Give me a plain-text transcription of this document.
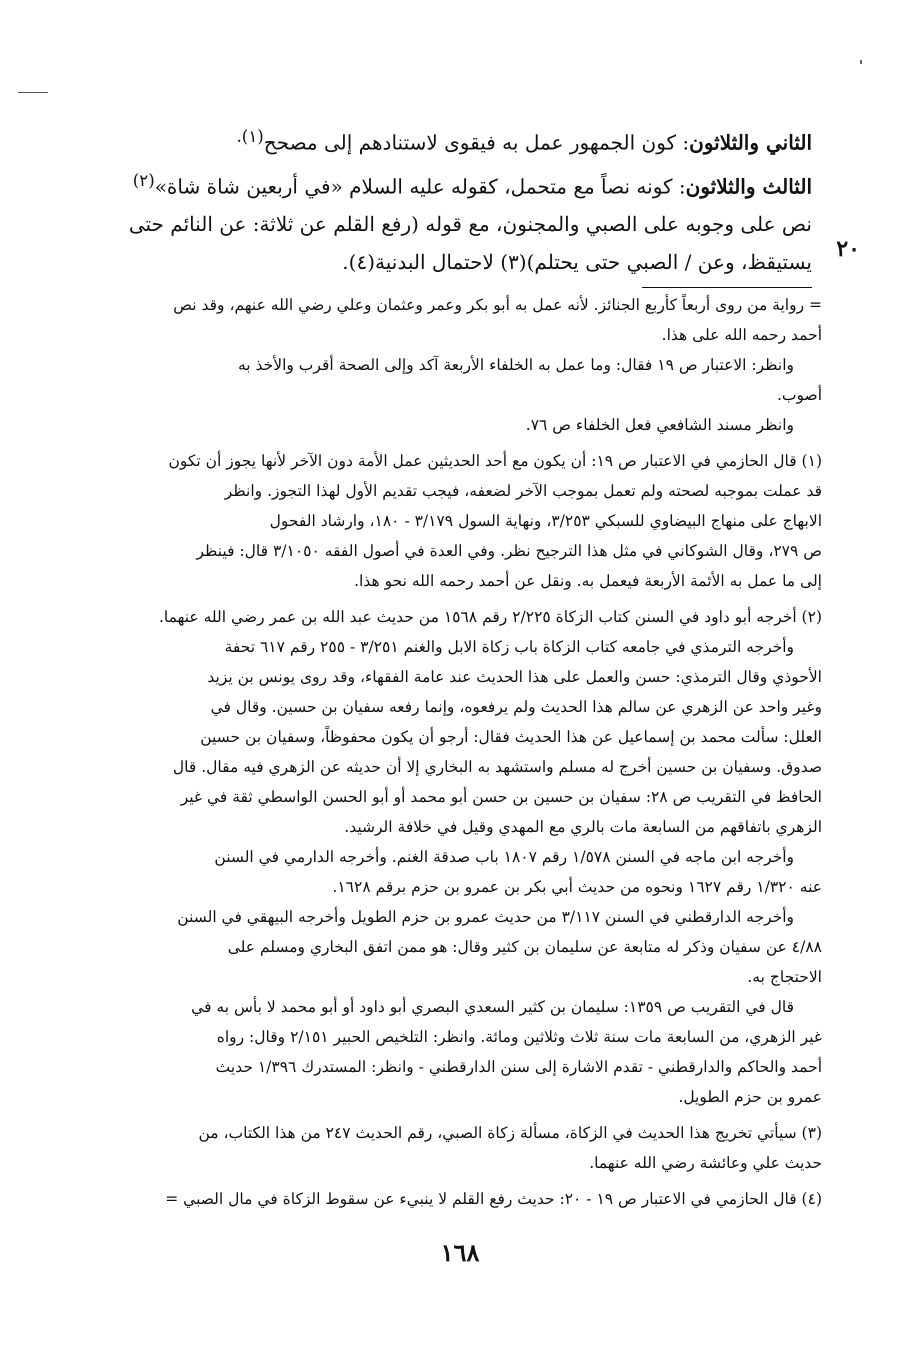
الثاني والثلاثون: كون الجمهور عمل به فيقوى لاستنادهم إلى مصحح$^{(١).}$

الثالث والثلاثون: كونه نصاً مع متحمل، كقوله عليه السلام «في أربعين شاة شاة»$^{(٢)}$

نص على وجوبه على الصبي والمجنون، مع قوله (رفع القلم عن ثلاثة: عن النائم حتى

يستيقظ، وعن / الصبي حتى يحتلم)(٣) لاحتمال البدنية(٤).

٢٠
= رواية من روى أربعاً كأربع الجنائز. لأنه عمل به أبو بكر وعمر وعثمان وعلي رضي الله عنهم، وقد نص
أحمد رحمه الله على هذا.
وانظر: الاعتبار ص ١٩ فقال: وما عمل به الخلفاء الأربعة آكد وإلى الصحة أقرب والأخذ به
أصوب.
وانظر مسند الشافعي فعل الخلفاء ص ٧٦.
(١) قال الحازمي في الاعتبار ص ١٩: أن يكون مع أحد الحديثين عمل الأمة دون الآخر لأنها يجوز أن تكون
قد عملت بموجبه لصحته ولم تعمل بموجب الآخر لضعفه، فيجب تقديم الأول لهذا التجوز. وانظر
الابهاج على منهاج البيضاوي للسبكي ٣/٢٥٣، ونهاية السول ٣/١٧٩ - ١٨٠، وارشاد الفحول
ص ٢٧٩، وقال الشوكاني في مثل هذا الترجيح نظر. وفي العدة في أصول الفقه ٣/١٠٥٠ قال: فينظر
إلى ما عمل به الأئمة الأربعة فيعمل به. ونقل عن أحمد رحمه الله نحو هذا.
(٢) أخرجه أبو داود في السنن كتاب الزكاة ٢/٢٢٥ رقم ١٥٦٨ من حديث عبد الله بن عمر رضي الله عنهما.
وأخرجه الترمذي في جامعه كتاب الزكاة باب زكاة الابل والغنم ٣/٢٥١ - ٢٥٥ رقم ٦١٧ تحفة
الأحوذي وقال الترمذي: حسن والعمل على هذا الحديث عند عامة الفقهاء، وقد روى يونس بن يزيد
وغير واحد عن الزهري عن سالم هذا الحديث ولم يرفعوه، وإنما رفعه سفيان بن حسين. وقال في
العلل: سألت محمد بن إسماعيل عن هذا الحديث فقال: أرجو أن يكون محفوظاً، وسفيان بن حسين
صدوق. وسفيان بن حسين أخرج له مسلم واستشهد به البخاري إلا أن حديثه عن الزهري فيه مقال. قال
الحافظ في التقريب ص ٢٨: سفيان بن حسين بن حسن أبو محمد أو أبو الحسن الواسطي ثقة في غير
الزهري باتفاقهم من السابعة مات بالري مع المهدي وقيل في خلافة الرشيد.
وأخرجه ابن ماجه في السنن ١/٥٧٨ رقم ١٨٠٧ باب صدقة الغنم. وأخرجه الدارمي في السنن
عنه ١/٣٢٠ رقم ١٦٢٧ ونحوه من حديث أبي بكر بن عمرو بن حزم برقم ١٦٢٨.
وأخرجه الدارقطني في السنن ٣/١١٧ من حديث عمرو بن حزم الطويل وأخرجه البيهقي في السنن
٤/٨٨ عن سفيان وذكر له متابعة عن سليمان بن كثير وقال: هو ممن اتفق البخاري ومسلم على
الاحتجاج به.
قال في التقريب ص ١٣٥٩: سليمان بن كثير السعدي البصري أبو داود أو أبو محمد لا بأس به في
غير الزهري، من السابعة مات سنة ثلاث وثلاثين ومائة. وانظر: التلخيص الحبير ٢/١٥١ وقال: رواه
أحمد والحاكم والدارقطني - تقدم الاشارة إلى سنن الدارقطني - وانظر: المستدرك ١/٣٩٦ حديث
عمرو بن حزم الطويل.
(٣) سيأتي تخريج هذا الحديث في الزكاة، مسألة زكاة الصبي، رقم الحديث ٢٤٧ من هذا الكتاب، من
حديث علي وعائشة رضي الله عنهما.
(٤) قال الحازمي في الاعتبار ص ١٩ - ٢٠: حديث رفع القلم لا ينبيء عن سقوط الزكاة في مال الصبي =
١٦٨
